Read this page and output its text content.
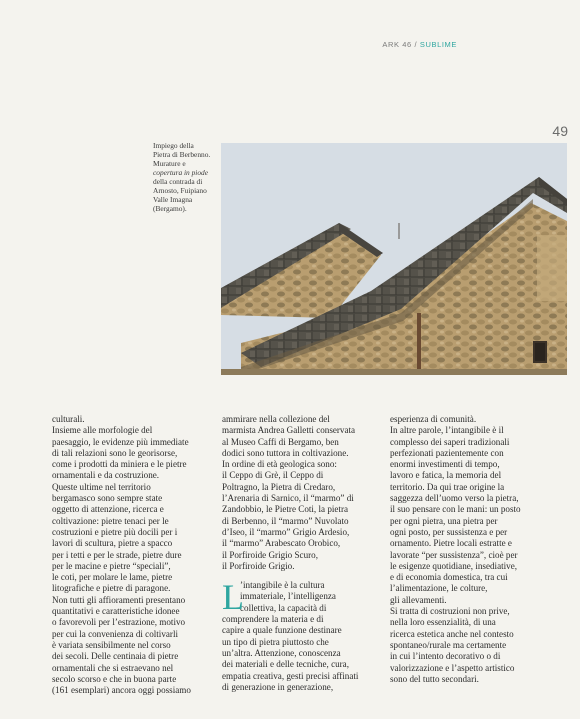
ARK 46 / SUBLIME
49

Impiego della

Pietra di Berbenno.

Murature e

copertura in piode

della contrada di

Arnosto, Fuipiano

Valle Imagna

(Bergamo).

culturali.

Insieme alle morfologie del

paesaggio, le evidenze più immediate

di tali relazioni sono le georisorse,

come i prodotti da miniera e le pietre

ornamentali e da costruzione.

Queste ultime nel territorio

bergamasco sono sempre state

oggetto di attenzione, ricerca e

coltivazione: pietre tenaci per le

costruzioni e pietre più docili per i

lavori di scultura, pietre a spacco

per i tetti e per le strade, pietre dure

per le macine e pietre “speciali”,

le coti, per molare le lame, pietre

litografiche e pietre di paragone.

Non tutti gli affioramenti presentano

quantitativi e caratteristiche idonee

o favorevoli per l’estrazione, motivo

per cui la convenienza di coltivarli

è variata sensibilmente nel corso

dei secoli. Delle centinaia di pietre

ornamentali che si estraevano nel

secolo scorso e che in buona parte

(161 esemplari) ancora oggi possiamo

ammirare nella collezione del

marmista Andrea Galletti conservata

al Museo Caffi di Bergamo, ben

dodici sono tuttora in coltivazione.

In ordine di età geologica sono:

il Ceppo di Grè, il Ceppo di

Poltragno, la Pietra di Credaro,

l’Arenaria di Sarnico, il “marmo” di

Zandobbio, le Pietre Coti, la pietra

di Berbenno, il “marmo” Nuvolato

d’Iseo, il “marmo” Grigio Ardesio,

il “marmo” Arabescato Orobico,

il Porfiroide Grigio Scuro,

il Porfiroide Grigio.

L

’intangibile è la cultura

immateriale, l’intelligenza

collettiva, la capacità di

comprendere la materia e di

capire a quale funzione destinare

un tipo di pietra piuttosto che

un’altra. Attenzione, conoscenza

dei materiali e delle tecniche, cura,

empatia creativa, gesti precisi affinati

di generazione in generazione,

esperienza di comunità.

In altre parole, l’intangibile è il

complesso dei saperi tradizionali

perfezionati pazientemente con

enormi investimenti di tempo,

lavoro e fatica, la memoria del

territorio. Da qui trae origine la

saggezza dell’uomo verso la pietra,

il suo pensare con le mani: un posto

per ogni pietra, una pietra per

ogni posto, per sussistenza e per

ornamento. Pietre locali estratte e

lavorate “per sussistenza”, cioè per

le esigenze quotidiane, insediative,

e di economia domestica, tra cui

l’alimentazione, le colture,

gli allevamenti.

Si tratta di costruzioni non prive,

nella loro essenzialità, di una

ricerca estetica anche nel contesto

spontaneo/rurale ma certamente

in cui l’intento decorativo o di

valorizzazione e l’aspetto artistico

sono del tutto secondari.
